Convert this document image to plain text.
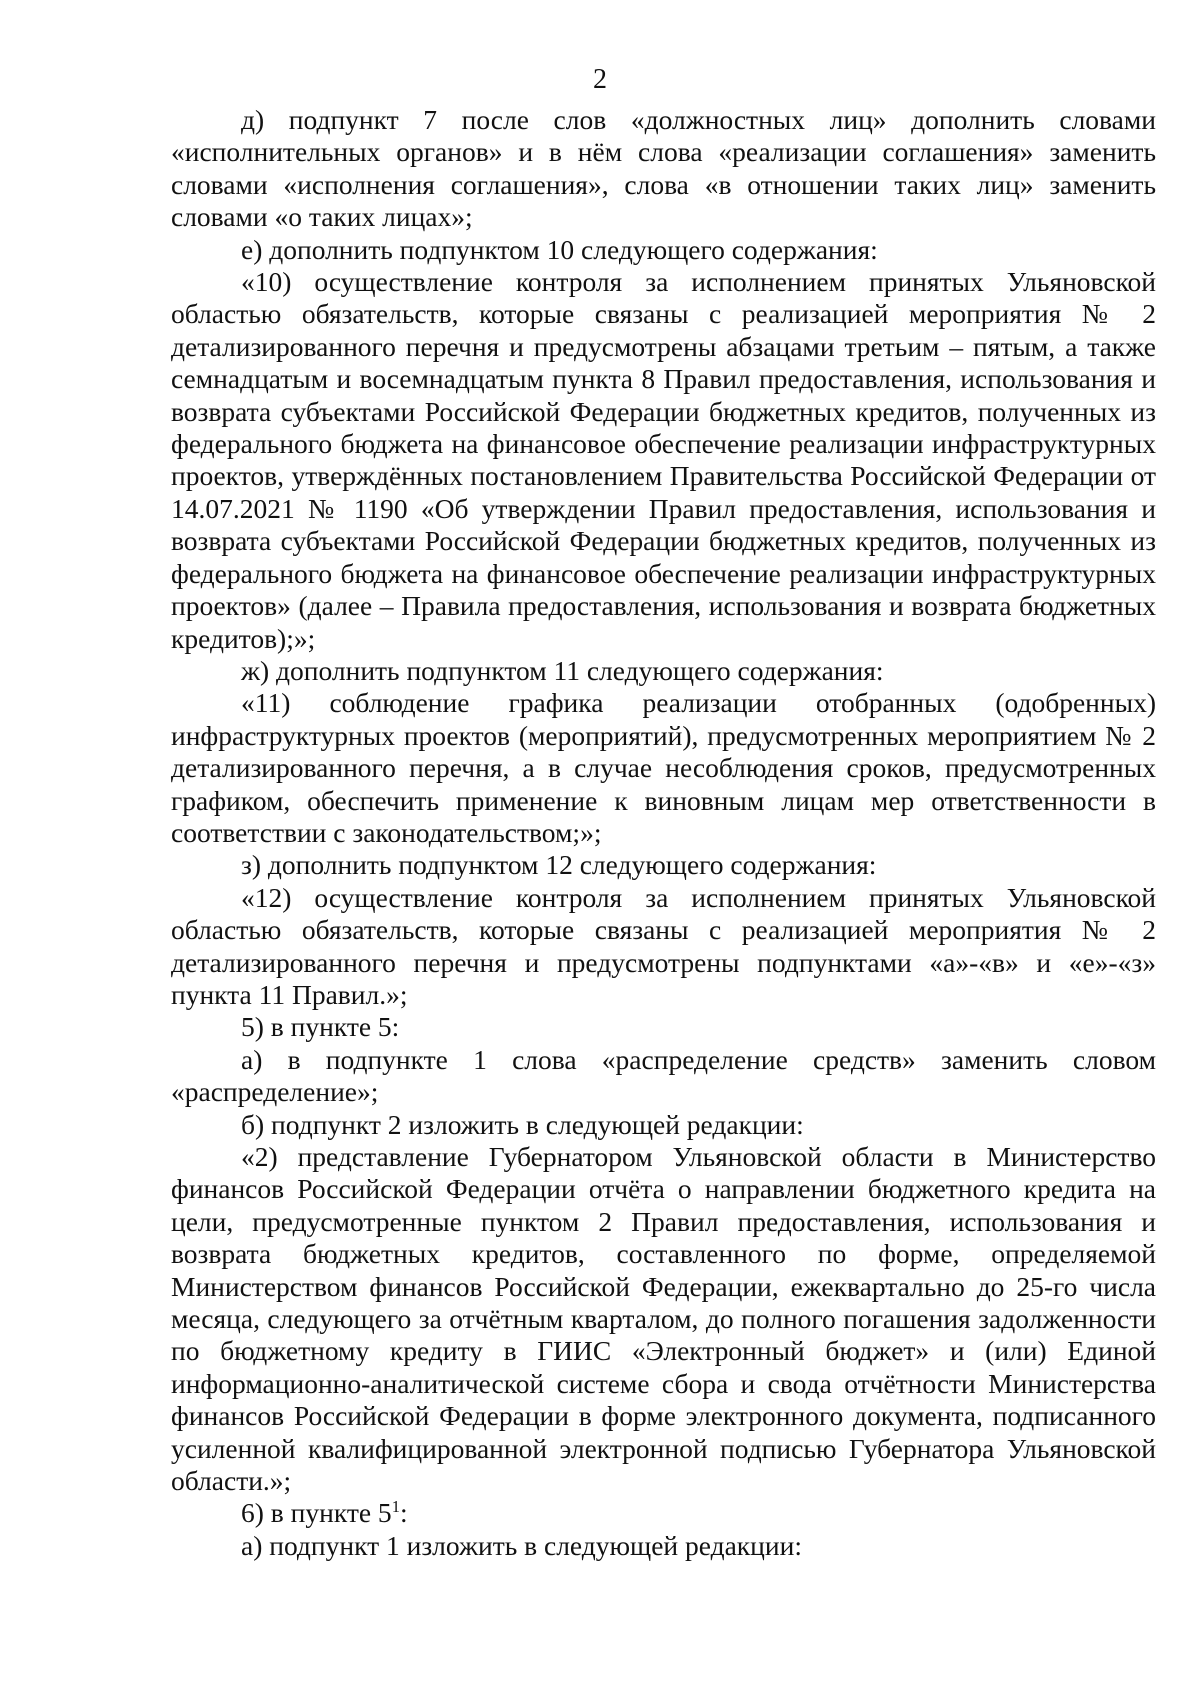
2

д) подпункт 7 после слов «должностных лиц» дополнить словами «исполнительных органов» и в нём слова «реализации соглашения» заменить словами «исполнения соглашения», слова «в отношении таких лиц» заменить словами «о таких лицах»;

е) дополнить подпунктом 10 следующего содержания:

«10) осуществление контроля за исполнением принятых Ульяновской областью обязательств, которые связаны с реализацией мероприятия № 2 детализированного перечня и предусмотрены абзацами третьим – пятым, а также семнадцатым и восемнадцатым пункта 8 Правил предоставления, использования и возврата субъектами Российской Федерации бюджетных кредитов, полученных из федерального бюджета на финансовое обеспечение реализации инфраструктурных проектов, утверждённых постановлением Правительства Российской Федерации от 14.07.2021 № 1190 «Об утверждении Правил предоставления, использования и возврата субъектами Российской Федерации бюджетных кредитов, полученных из федерального бюджета на финансовое обеспечение реализации инфраструктурных проектов» (далее – Правила предоставления, использования и возврата бюджетных кредитов);»;

ж) дополнить подпунктом 11 следующего содержания:

«11) соблюдение графика реализации отобранных (одобренных) инфраструктурных проектов (мероприятий), предусмотренных мероприятием № 2 детализированного перечня, а в случае несоблюдения сроков, предусмотренных графиком, обеспечить применение к виновным лицам мер ответственности в соответствии с законодательством;»;

з) дополнить подпунктом 12 следующего содержания:

«12) осуществление контроля за исполнением принятых Ульяновской областью обязательств, которые связаны с реализацией мероприятия № 2 детализированного перечня и предусмотрены подпунктами «а»-«в» и «е»-«з» пункта 11 Правил.»;

5) в пункте 5:

а) в подпункте 1 слова «распределение средств» заменить словом «распределение»;

б) подпункт 2 изложить в следующей редакции:

«2) представление Губернатором Ульяновской области в Министерство финансов Российской Федерации отчёта о направлении бюджетного кредита на цели, предусмотренные пунктом 2 Правил предоставления, использования и возврата бюджетных кредитов, составленного по форме, определяемой Министерством финансов Российской Федерации, ежеквартально до 25-го числа месяца, следующего за отчётным кварталом, до полного погашения задолженности по бюджетному кредиту в ГИИС «Электронный бюджет» и (или) Единой информационно-аналитической системе сбора и свода отчётности Министерства финансов Российской Федерации в форме электронного документа, подписанного усиленной квалифицированной электронной подписью Губернатора Ульяновской области.»;

6) в пункте $5^1$:

а) подпункт 1 изложить в следующей редакции:
